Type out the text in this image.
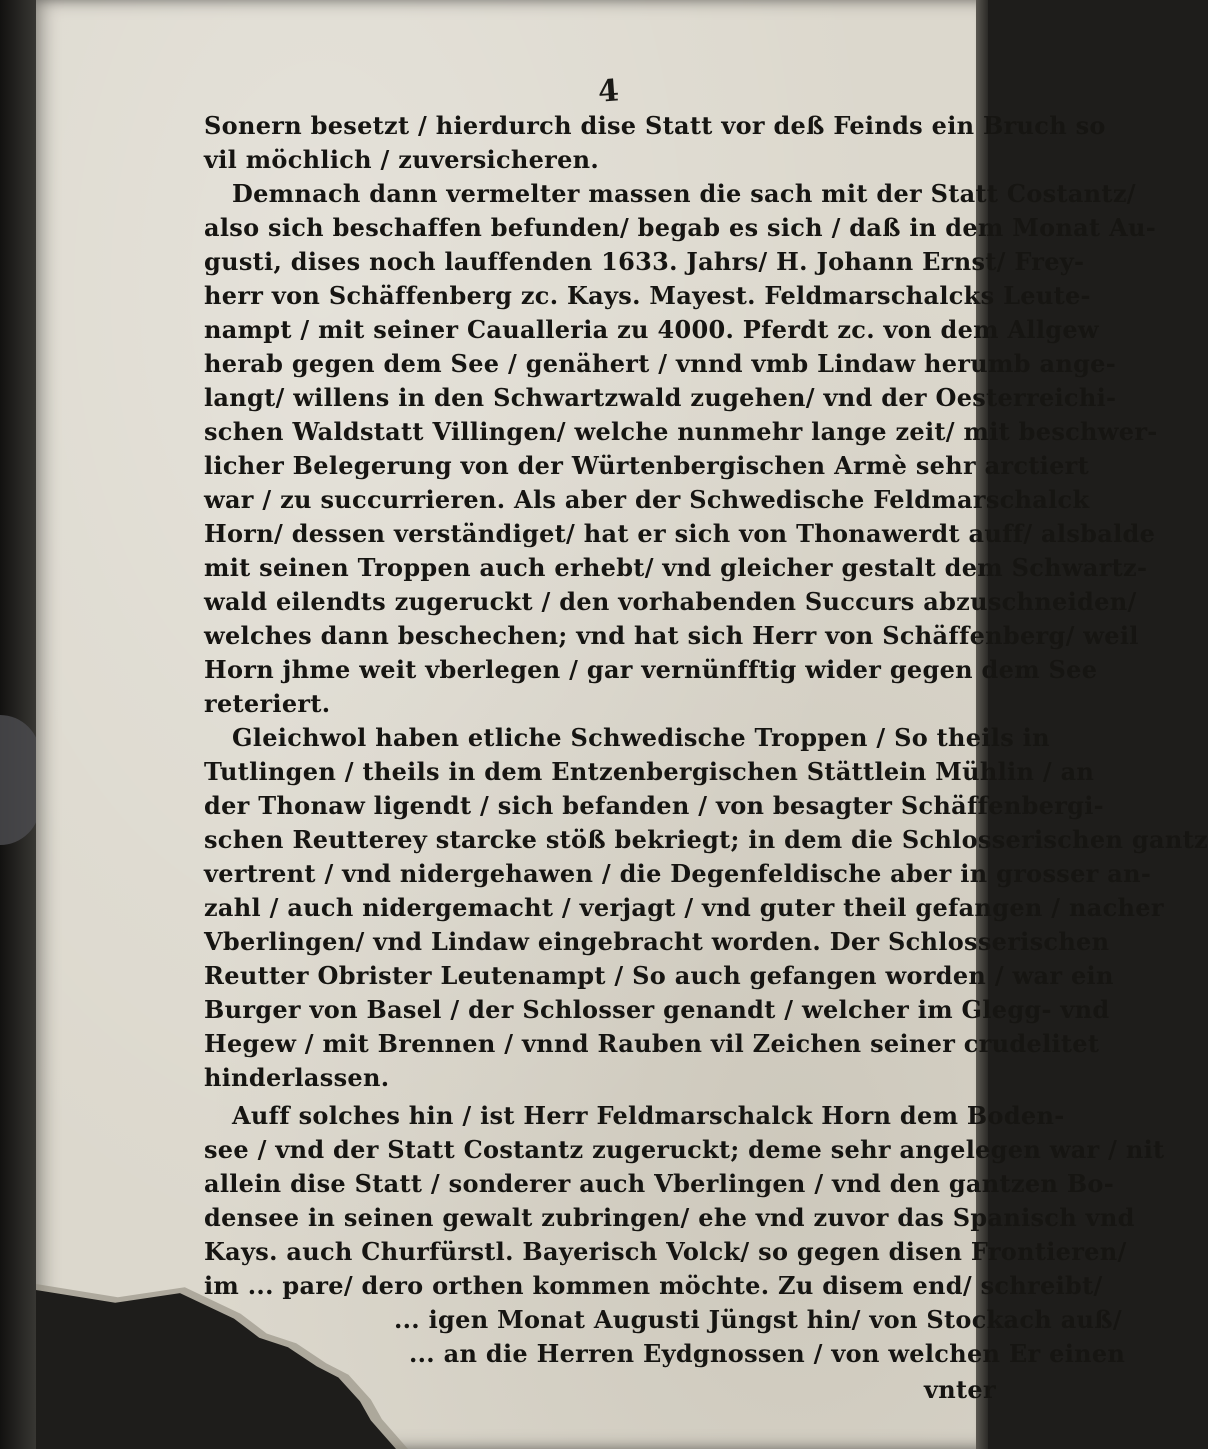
4
Sonern besetzt / hierdurch dise Statt vor deß Feinds ein Bruch so
vil möchlich / zuversicheren.
Demnach dann vermelter massen die sach mit der Statt Costantz/
also sich beschaffen befunden/ begab es sich / daß in dem Monat Au-
gusti, dises noch lauffenden 1633. Jahrs/ H. Johann Ernst/ Frey-
herr von Schäffenberg zc. Kays. Mayest. Feldmarschalcks Leute-
nampt / mit seiner Caualleria zu 4000. Pferdt zc. von dem Allgew
herab gegen dem See / genähert / vnnd vmb Lindaw herumb ange-
langt/ willens in den Schwartzwald zugehen/ vnd der Oesterreichi-
schen Waldstatt Villingen/ welche nunmehr lange zeit/ mit beschwer-
licher Belegerung von der Würtenbergischen Armè sehr arctiert
war / zu succurrieren. Als aber der Schwedische Feldmarschalck
Horn/ dessen verständiget/ hat er sich von Thonawerdt auff/ alsbalde
mit seinen Troppen auch erhebt/ vnd gleicher gestalt dem Schwartz-
wald eilendts zugeruckt / den vorhabenden Succurs abzuschneiden/
welches dann beschechen; vnd hat sich Herr von Schäffenberg/ weil
Horn jhme weit vberlegen / gar vernünfftig wider gegen dem See
reteriert.
Gleichwol haben etliche Schwedische Troppen / So theils in
Tutlingen / theils in dem Entzenbergischen Stättlein Mühlin / an
der Thonaw ligendt / sich befanden / von besagter Schäffenbergi-
schen Reutterey starcke stöß bekriegt; in dem die Schlosserischen gantz
vertrent / vnd nidergehawen / die Degenfeldische aber in grosser an-
zahl / auch nidergemacht / verjagt / vnd guter theil gefangen / nacher
Vberlingen/ vnd Lindaw eingebracht worden. Der Schlosserischen
Reutter Obrister Leutenampt / So auch gefangen worden / war ein
Burger von Basel / der Schlosser genandt / welcher im Glegg- vnd
Hegew / mit Brennen / vnnd Rauben vil Zeichen seiner crudelitet
hinderlassen.
Auff solches hin / ist Herr Feldmarschalck Horn dem Boden-
see / vnd der Statt Costantz zugeruckt; deme sehr angelegen war / nit
allein dise Statt / sonderer auch Vberlingen / vnd den gantzen Bo-
densee in seinen gewalt zubringen/ ehe vnd zuvor das Spanisch vnd
Kays. auch Churfürstl. Bayerisch Volck/ so gegen disen Frontieren/
im ... pare/ dero orthen kommen möchte. Zu disem end/ schreibt/
... igen Monat Augusti Jüngst hin/ von Stockach auß/
... an die Herren Eydgnossen / von welchen Er einen
vnter
